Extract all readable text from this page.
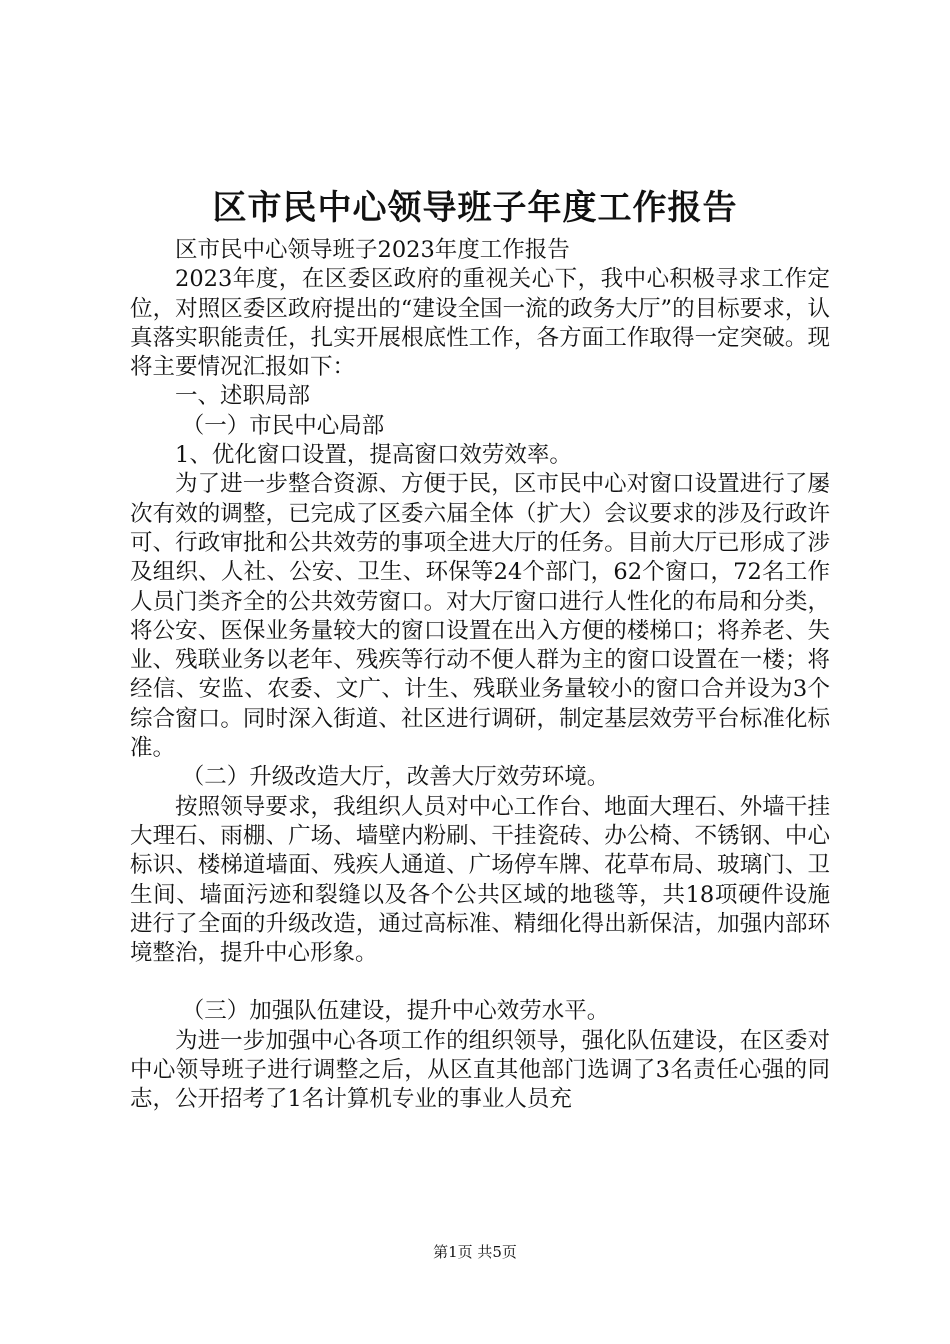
区市民中心领导班子年度工作报告

区市民中心领导班子2023年度工作报告

2023年度，在区委区政府的重视关心下，我中心积极寻求工作定位，对照区委区政府提出的“建设全国一流的政务大厅”的目标要求，认真落实职能责任，扎实开展根底性工作，各方面工作取得一定突破。现将主要情况汇报如下：

一、述职局部

（一）市民中心局部

1、优化窗口设置，提高窗口效劳效率。

为了进一步整合资源、方便于民，区市民中心对窗口设置进行了屡次有效的调整，已完成了区委六届全体（扩大）会议要求的涉及行政许可、行政审批和公共效劳的事项全进大厅的任务。目前大厅已形成了涉及组织、人社、公安、卫生、环保等24个部门，62个窗口，72名工作人员门类齐全的公共效劳窗口。对大厅窗口进行人性化的布局和分类，将公安、医保业务量较大的窗口设置在出入方便的楼梯口；将养老、失业、残联业务以老年、残疾等行动不便人群为主的窗口设置在一楼；将经信、安监、农委、文广、计生、残联业务量较小的窗口合并设为3个综合窗口。同时深入街道、社区进行调研，制定基层效劳平台标准化标准。

（二）升级改造大厅，改善大厅效劳环境。

按照领导要求，我组织人员对中心工作台、地面大理石、外墙干挂大理石、雨棚、广场、墙壁内粉刷、干挂瓷砖、办公椅、不锈钢、中心标识、楼梯道墙面、残疾人通道、广场停车牌、花草布局、玻璃门、卫生间、墙面污迹和裂缝以及各个公共区域的地毯等，共18项硬件设施进行了全面的升级改造，通过高标准、精细化得出新保洁，加强内部环境整治，提升中心形象。

（三）加强队伍建设，提升中心效劳水平。

为进一步加强中心各项工作的组织领导，强化队伍建设，在区委对中心领导班子进行调整之后，从区直其他部门选调了3名责任心强的同志，公开招考了1名计算机专业的事业人员充

第1页 共5页
